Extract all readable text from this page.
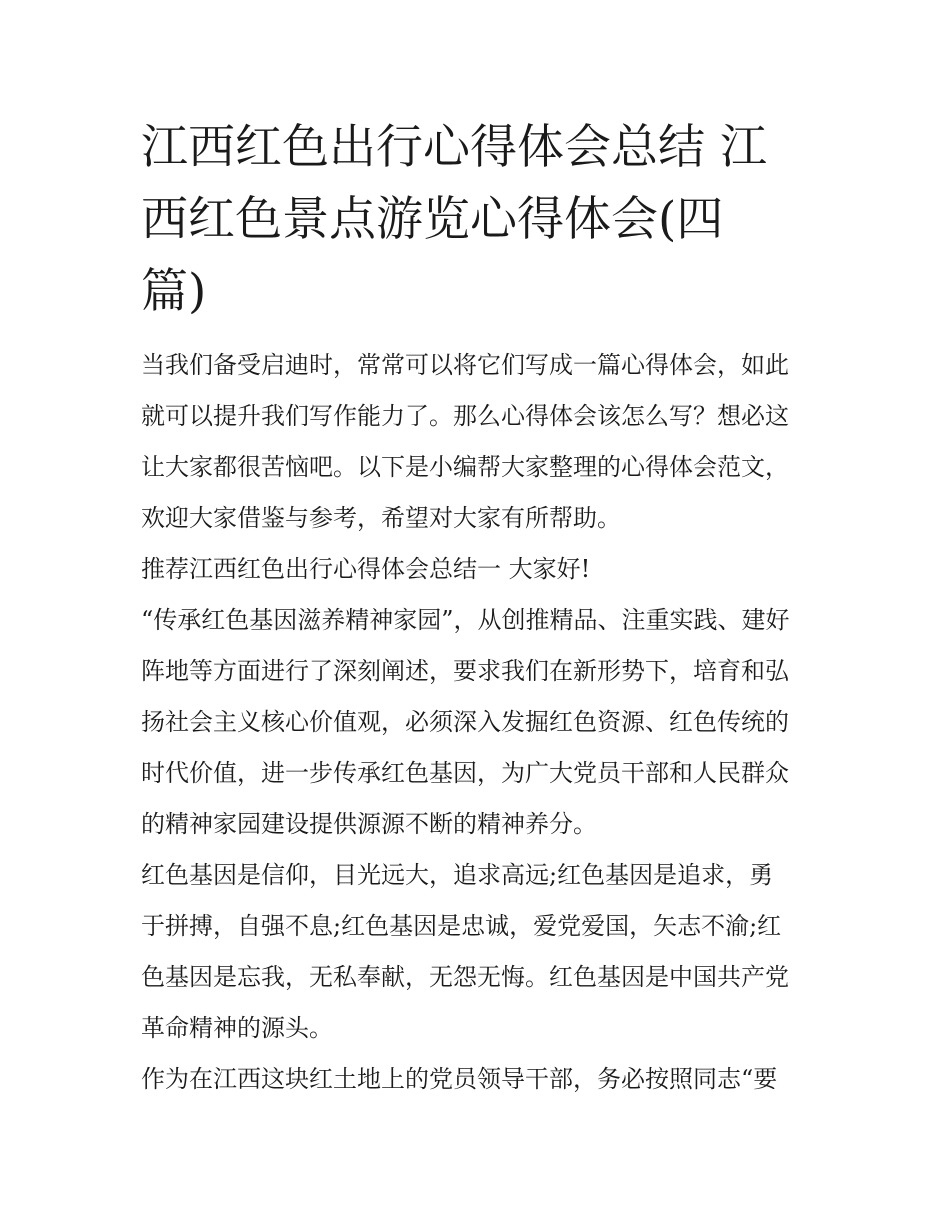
江西红色出行心得体会总结 江
西红色景点游览心得体会(四
篇)

当我们备受启迪时，常常可以将它们写成一篇心得体会，如此
就可以提升我们写作能力了。那么心得体会该怎么写？想必这
让大家都很苦恼吧。以下是小编帮大家整理的心得体会范文，
欢迎大家借鉴与参考，希望对大家有所帮助。

推荐江西红色出行心得体会总结一 大家好!

“传承红色基因滋养精神家园”，从创推精品、注重实践、建好
阵地等方面进行了深刻阐述，要求我们在新形势下，培育和弘
扬社会主义核心价值观，必须深入发掘红色资源、红色传统的
时代价值，进一步传承红色基因，为广大党员干部和人民群众
的精神家园建设提供源源不断的精神养分。

红色基因是信仰，目光远大，追求高远;红色基因是追求，勇
于拼搏，自强不息;红色基因是忠诚，爱党爱国，矢志不渝;红
色基因是忘我，无私奉献，无怨无悔。红色基因是中国共产党
革命精神的源头。

作为在江西这块红土地上的党员领导干部，务必按照同志“要
